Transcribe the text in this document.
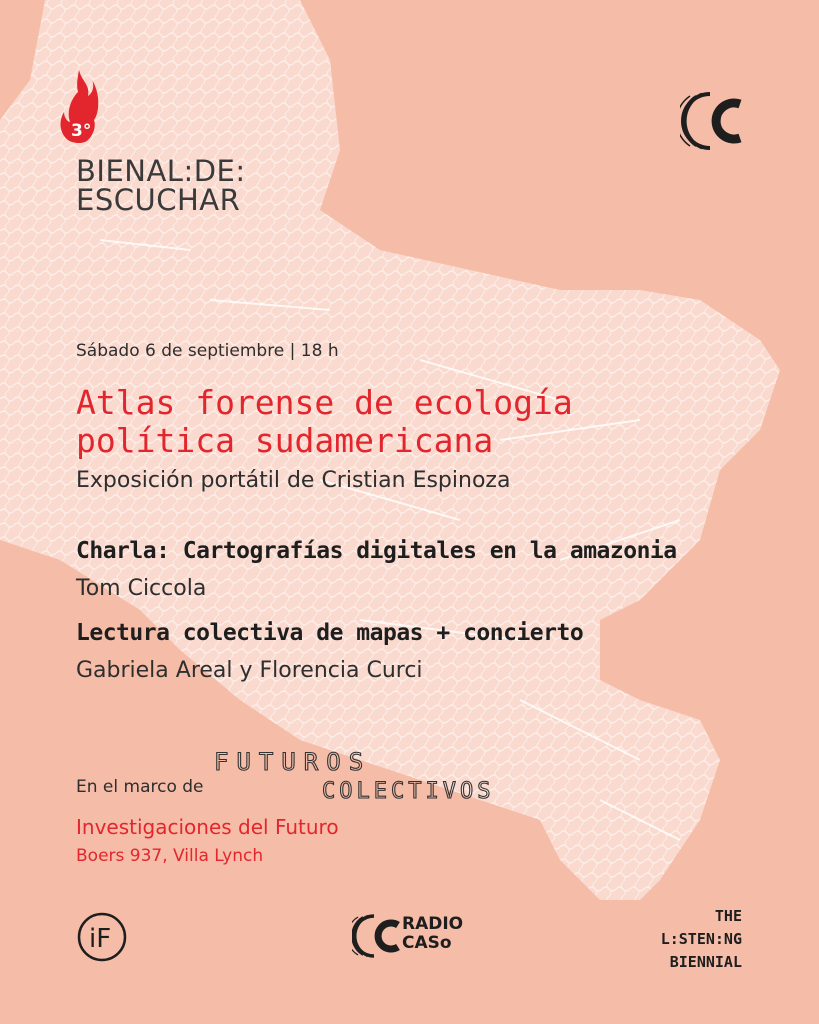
3°
BIENAL:DE:
ESCUCHAR
Sábado 6 de septiembre | 18 h
Atlas forense de ecología
política sudamericana
Exposición portátil de Cristian Espinoza
Charla: Cartografías digitales en la amazonia
Tom Ciccola
Lectura colectiva de mapas + concierto
Gabriela Areal y Florencia Curci
En el marco de
FUTUROS
COLECTIVOS
Investigaciones del Futuro
Boers 937, Villa Lynch
iF	RADIO
CASo
THE
L:STEN:NG
BIENNIAL
